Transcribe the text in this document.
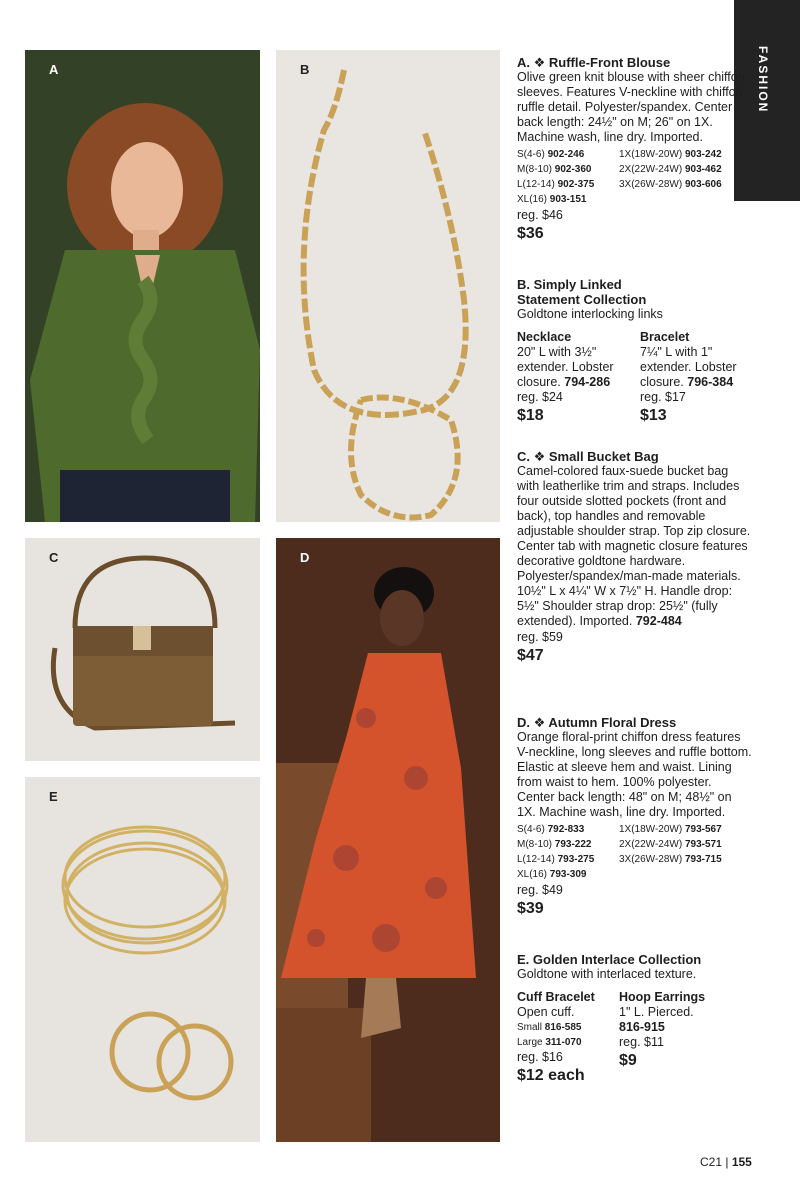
FASHION
A	B
C	D
E
A. ❖ Ruffle-Front Blouse
Olive green knit blouse with sheer chiffon sleeves. Features V-neckline with chiffon ruffle detail. Polyester/spandex. Center back length: 24½" on M; 26" on 1X. Machine wash, line dry. Imported.
S(4-6) 902-246	1X(18W-20W) 903-242
M(8-10) 902-360	2X(22W-24W) 903-462
L(12-14) 902-375	3X(26W-28W) 903-606
XL(16) 903-151
reg. $46
$36
B. Simply Linked
Statement Collection
Goldtone interlocking links
Necklace
20" L with 3½" extender. Lobster closure. 794-286
reg. $24
$18
Bracelet
7¼" L with 1" extender. Lobster closure. 796-384
reg. $17
$13
C. ❖ Small Bucket Bag
Camel-colored faux-suede bucket bag with leatherlike trim and straps. Includes four outside slotted pockets (front and back), top handles and removable adjustable shoulder strap. Top zip closure. Center tab with magnetic closure features decorative goldtone hardware. Polyester/spandex/man-made materials. 10½" L x 4¼" W x 7½" H. Handle drop: 5½" Shoulder strap drop: 25½" (fully extended). Imported. 792-484
reg. $59
$47
D. ❖ Autumn Floral Dress
Orange floral-print chiffon dress features V-neckline, long sleeves and ruffle bottom. Elastic at sleeve hem and waist. Lining from waist to hem. 100% polyester. Center back length: 48" on M; 48½" on 1X. Machine wash, line dry. Imported.
S(4-6) 792-833	1X(18W-20W) 793-567
M(8-10) 793-222	2X(22W-24W) 793-571
L(12-14) 793-275	3X(26W-28W) 793-715
XL(16) 793-309
reg. $49
$39
E. Golden Interlace Collection
Goldtone with interlaced texture.
Cuff Bracelet
Open cuff.
Small 816-585
Large 311-070
reg. $16
$12 each
Hoop Earrings
1" L. Pierced.
816-915
reg. $11
$9
C21 | 155
